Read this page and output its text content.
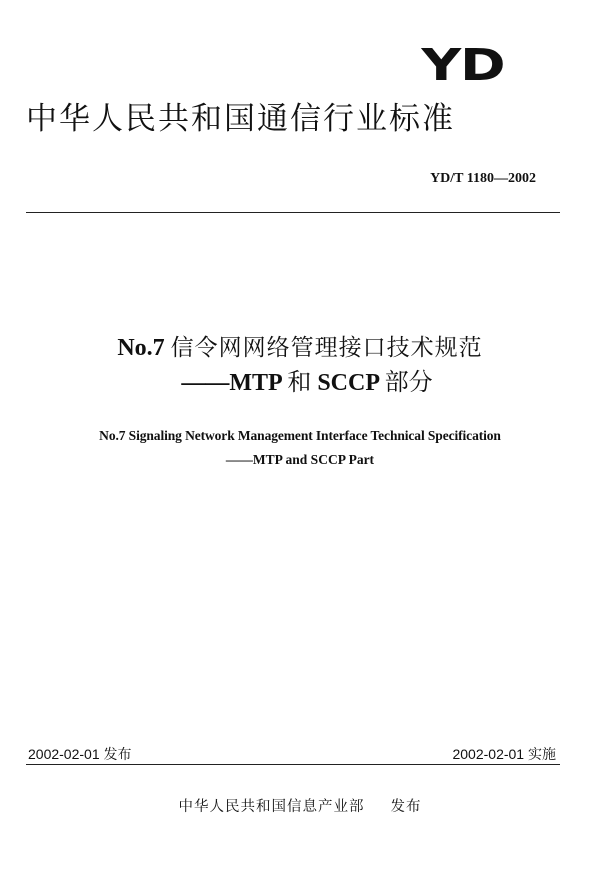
YD
中华人民共和国通信行业标准
YD/T 1180—2002
No.7 信令网网络管理接口技术规范
——MTP 和 SCCP 部分
No.7 Signaling Network Management Interface Technical Specification
——MTP and SCCP Part
2002-02-01 发布	2002-02-01 实施
中华人民共和国信息产业部 发布
